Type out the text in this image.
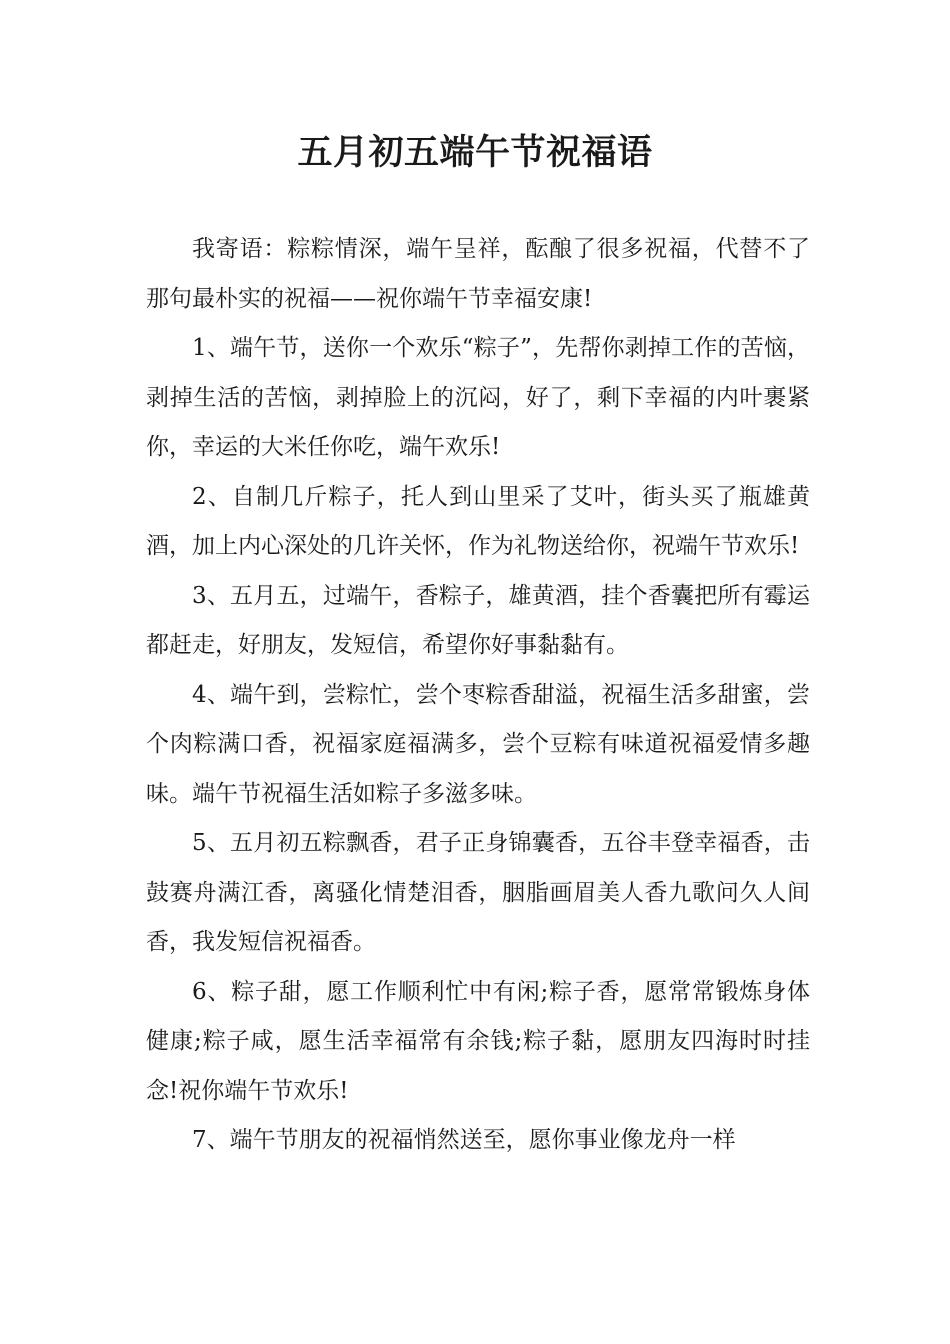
五月初五端午节祝福语

我寄语：粽粽情深，端午呈祥，酝酿了很多祝福，代替不了那句最朴实的祝福——祝你端午节幸福安康!

1、端午节，送你一个欢乐“粽子”，先帮你剥掉工作的苦恼，剥掉生活的苦恼，剥掉脸上的沉闷，好了，剩下幸福的内叶裹紧你，幸运的大米任你吃，端午欢乐!

2、自制几斤粽子，托人到山里采了艾叶，街头买了瓶雄黄酒，加上内心深处的几许关怀，作为礼物送给你，祝端午节欢乐!

3、五月五，过端午，香粽子，雄黄酒，挂个香囊把所有霉运都赶走，好朋友，发短信，希望你好事黏黏有。

4、端午到，尝粽忙，尝个枣粽香甜溢，祝福生活多甜蜜，尝个肉粽满口香，祝福家庭福满多，尝个豆粽有味道祝福爱情多趣味。端午节祝福生活如粽子多滋多味。

5、五月初五粽飘香，君子正身锦囊香，五谷丰登幸福香，击鼓赛舟满江香，离骚化情楚泪香，胭脂画眉美人香九歌问久人间香，我发短信祝福香。

6、粽子甜，愿工作顺利忙中有闲;粽子香，愿常常锻炼身体健康;粽子咸，愿生活幸福常有余钱;粽子黏，愿朋友四海时时挂念!祝你端午节欢乐!

7、端午节朋友的祝福悄然送至，愿你事业像龙舟一样
